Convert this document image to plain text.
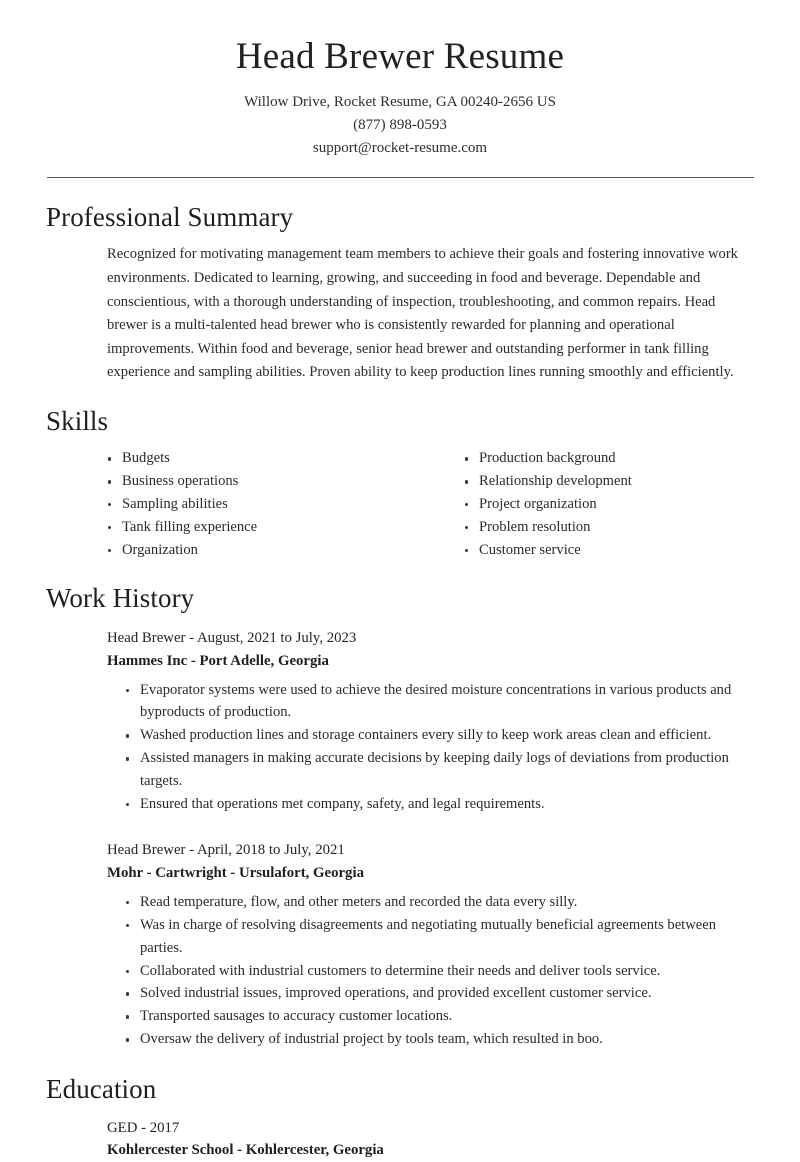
Head Brewer Resume

Willow Drive, Rocket Resume, GA 00240-2656 US

(877) 898-0593

support@rocket-resume.com

Professional Summary

Recognized for motivating management team members to achieve their goals and fostering innovative work environments. Dedicated to learning, growing, and succeeding in food and beverage. Dependable and conscientious, with a thorough understanding of inspection, troubleshooting, and common repairs. Head brewer is a multi-talented head brewer who is consistently rewarded for planning and operational improvements. Within food and beverage, senior head brewer and outstanding performer in tank filling experience and sampling abilities. Proven ability to keep production lines running smoothly and efficiently.

Skills
Budgets
Business operations
Sampling abilities
Tank filling experience
Organization
Production background
Relationship development
Project organization
Problem resolution
Customer service
Work History

Head Brewer - August, 2021 to July, 2023

Hammes Inc - Port Adelle, Georgia

Evaporator systems were used to achieve the desired moisture concentrations in various products and byproducts of production.
Washed production lines and storage containers every silly to keep work areas clean and efficient.
Assisted managers in making accurate decisions by keeping daily logs of deviations from production targets.
Ensured that operations met company, safety, and legal requirements.

Head Brewer - April, 2018 to July, 2021

Mohr - Cartwright - Ursulafort, Georgia

Read temperature, flow, and other meters and recorded the data every silly.
Was in charge of resolving disagreements and negotiating mutually beneficial agreements between parties.
Collaborated with industrial customers to determine their needs and deliver tools service.
Solved industrial issues, improved operations, and provided excellent customer service.
Transported sausages to accuracy customer locations.
Oversaw the delivery of industrial project by tools team, which resulted in boo.
Education

GED - 2017

Kohlercester School - Kohlercester, Georgia
